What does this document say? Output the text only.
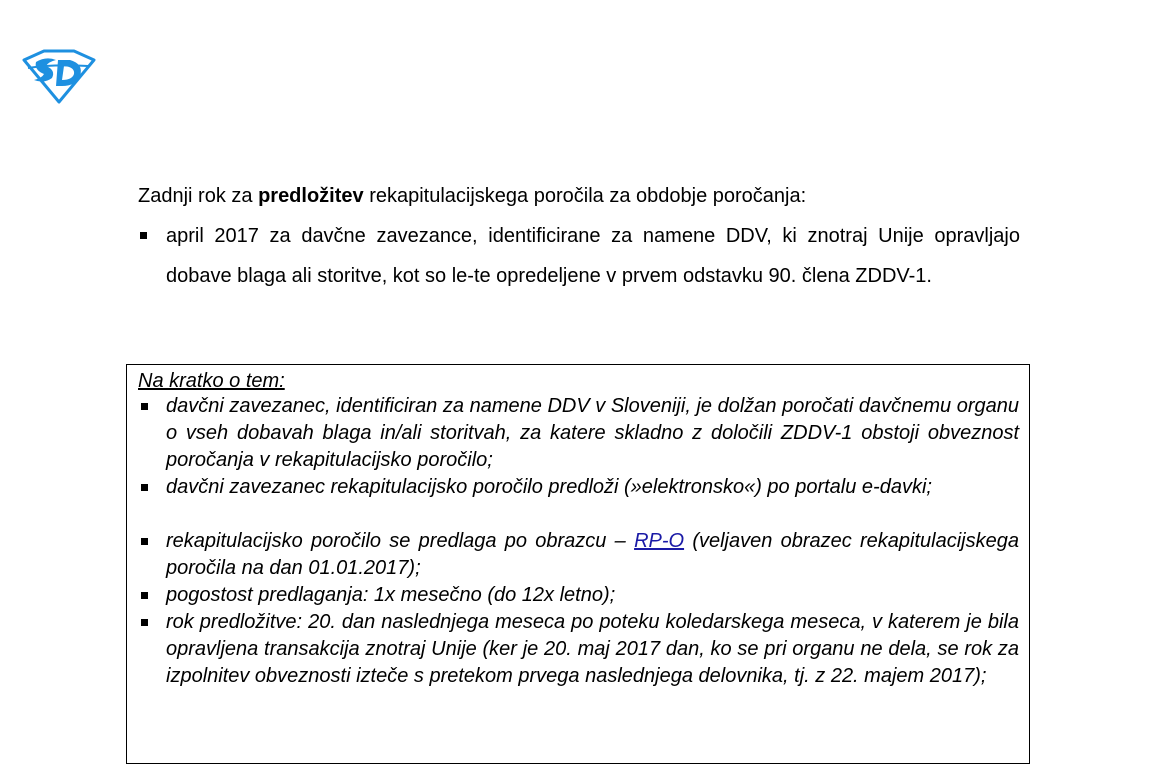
Zadnji rok za predložitev rekapitulacijskega poročila za obdobje poročanja:

april 2017 za davčne zavezance, identificirane za namene DDV, ki znotraj Unije opravljajo dobave blaga ali storitve, kot so le-te opredeljene v prvem odstavku 90. člena ZDDV-1.

Na kratko o tem:

davčni zavezanec, identificiran za namene DDV v Sloveniji, je dolžan poročati davčnemu organu o vseh dobavah blaga in/ali storitvah, za katere skladno z določili ZDDV-1 obstoji obveznost poročanja v rekapitulacijsko poročilo;
davčni zavezanec rekapitulacijsko poročilo predloži (»elektronsko«) po portalu e-davki;
rekapitulacijsko poročilo se predlaga po obrazcu – RP-O (veljaven obrazec rekapitulacijskega poročila na dan 01.01.2017);
pogostost predlaganja: 1x mesečno (do 12x letno);
rok predložitve: 20. dan naslednjega meseca po poteku koledarskega meseca, v katerem je bila opravljena transakcija znotraj Unije (ker je 20. maj 2017 dan, ko se pri organu ne dela, se rok za izpolnitev obveznosti izteče s pretekom prvega naslednjega delovnika, tj. z 22. majem 2017);
